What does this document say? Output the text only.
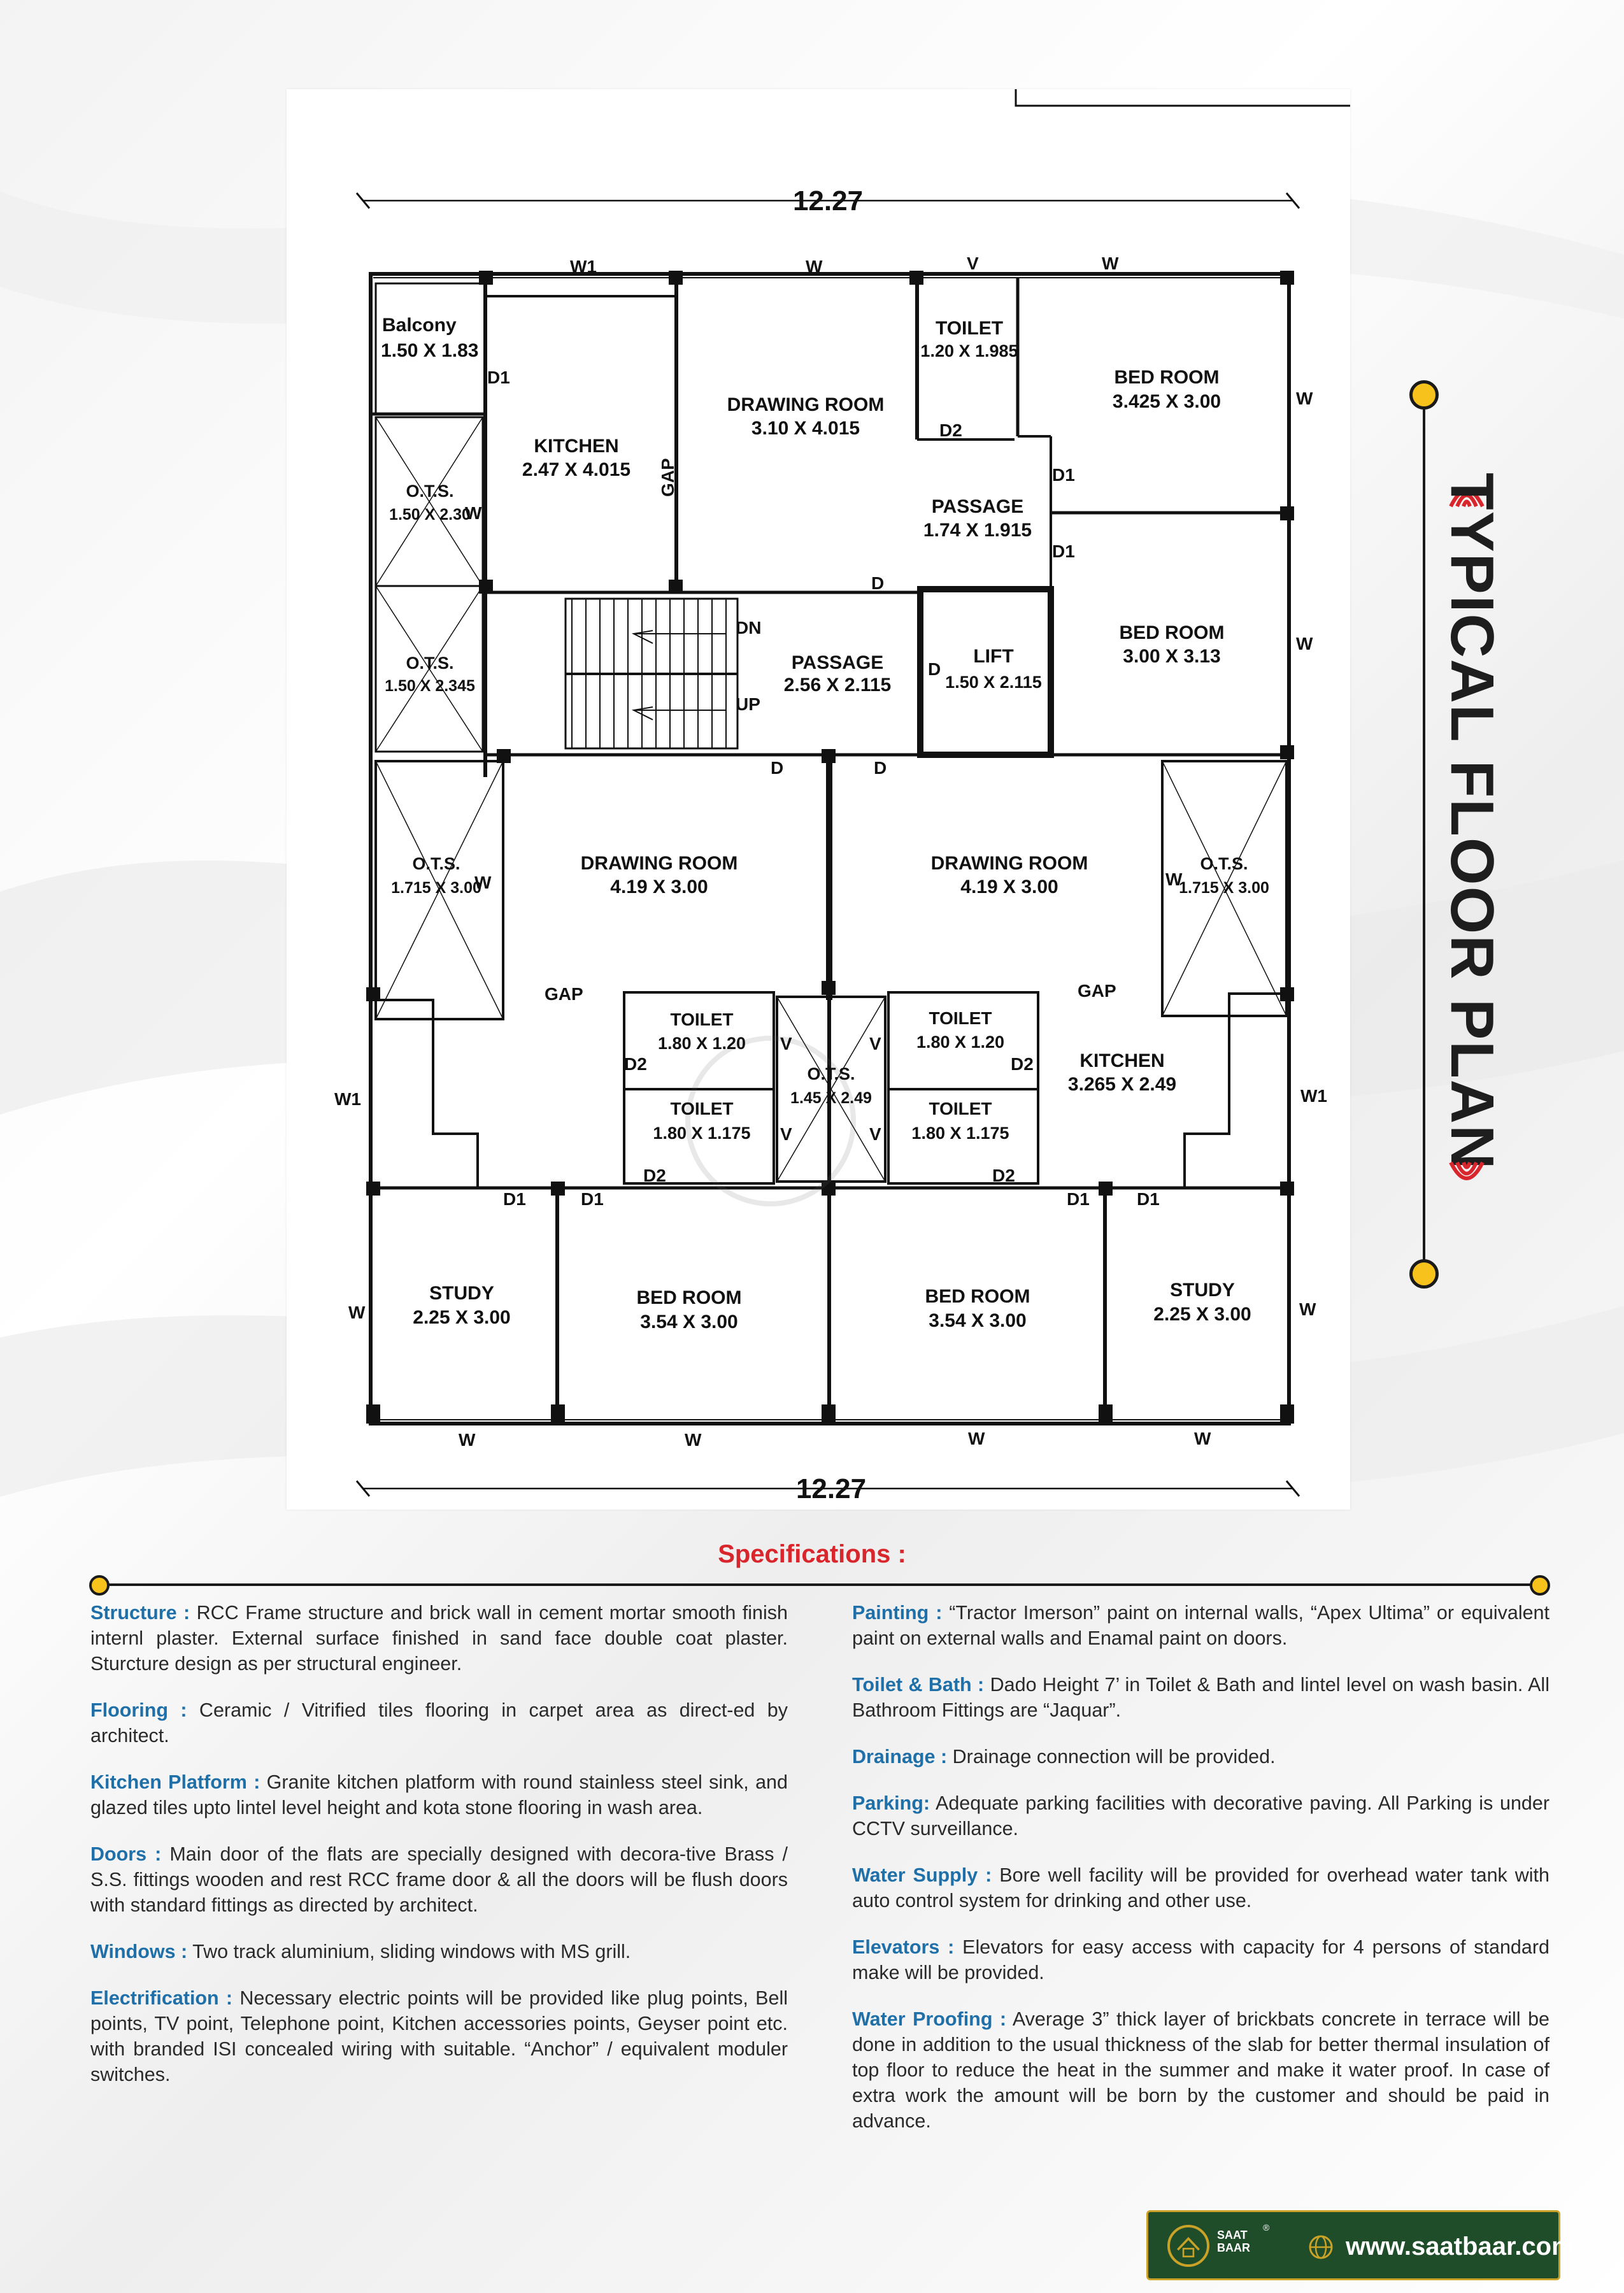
12.27
12.27
Balcony
1.50 X 1.83
KITCHEN
2.47 X 4.015
DRAWING ROOM
3.10 X 4.015
TOILET
1.20 X 1.985
BED ROOM
3.425 X 3.00
PASSAGE
1.74 X 1.915
O.T.S.
1.50 X 2.30
O.T.S.
1.50 X 2.345
PASSAGE
2.56 X 2.115
LIFT
1.50 X 2.115
BED ROOM
3.00 X 3.13
O.T.S.
1.715 X 3.00
DRAWING ROOM
4.19 X 3.00
DRAWING ROOM
4.19 X 3.00
O.T.S.
1.715 X 3.00
TOILET
1.80 X 1.20
TOILET
1.80 X 1.175
O.T.S.
1.45 X 2.49
TOILET
1.80 X 1.20
TOILET
1.80 X 1.175
KITCHEN
3.265 X 2.49
STUDY
2.25 X 3.00
BED ROOM
3.54 X 3.00
BED ROOM
3.54 X 3.00
STUDY
2.25 X 3.00
W1	W	V	W
W
W
D1
D2
D1
D1
D
DN
UP
D
D	D
W
W	W
GAP	GAP
GAP
W1	W1
D2
D2
D2
D2
V	V
V	V
D1	D1	D1	D1
W	W
W	W	W	W
TYPICAL FLOOR PLAN
Specifications :

Structure : RCC Frame structure and brick wall in cement mortar smooth finish internl plaster. External surface finished in sand face double coat plaster. Sturcture design as per structural engineer.

Flooring : Ceramic / Vitrified tiles flooring in carpet area as direct-ed by architect.

Kitchen Platform : Granite kitchen platform with round stainless steel sink, and glazed tiles upto lintel level height and kota stone flooring in wash area.

Doors : Main door of the flats are specially designed with decora-tive Brass / S.S. fittings wooden and rest RCC frame door & all the doors will be flush doors with standard fittings as directed by architect.

Windows : Two track aluminium, sliding windows with MS grill.

Electrification : Necessary electric points will be provided like plug points, Bell points, TV point, Telephone point, Kitchen accessories points, Geyser point etc. with branded ISI concealed wiring with suitable. “Anchor” / equivalent moduler switches.

Painting : “Tractor Imerson” paint on internal walls, “Apex Ultima” or equivalent paint on external walls and Enamal paint on doors.

Toilet & Bath : Dado Height 7’ in Toilet & Bath and lintel level on wash basin. All Bathroom Fittings are “Jaquar”.

Drainage : Drainage connection will be provided.

Parking: Adequate parking facilities with decorative paving. All Parking is under CCTV surveillance.

Water Supply : Bore well facility will be provided for overhead water tank with auto control system for drinking and other use.

Elevators : Elevators for easy access with capacity for 4 persons of standard make will be provided.

Water Proofing : Average 3” thick layer of brickbats concrete in terrace will be done in addition to the usual thickness of the slab for better thermal insulation of top floor to reduce the heat in the summer and make it water proof. In case of extra work the amount will be born by the customer and should be paid in advance.

SAAT
BAAR
®
www.saatbaar.com
